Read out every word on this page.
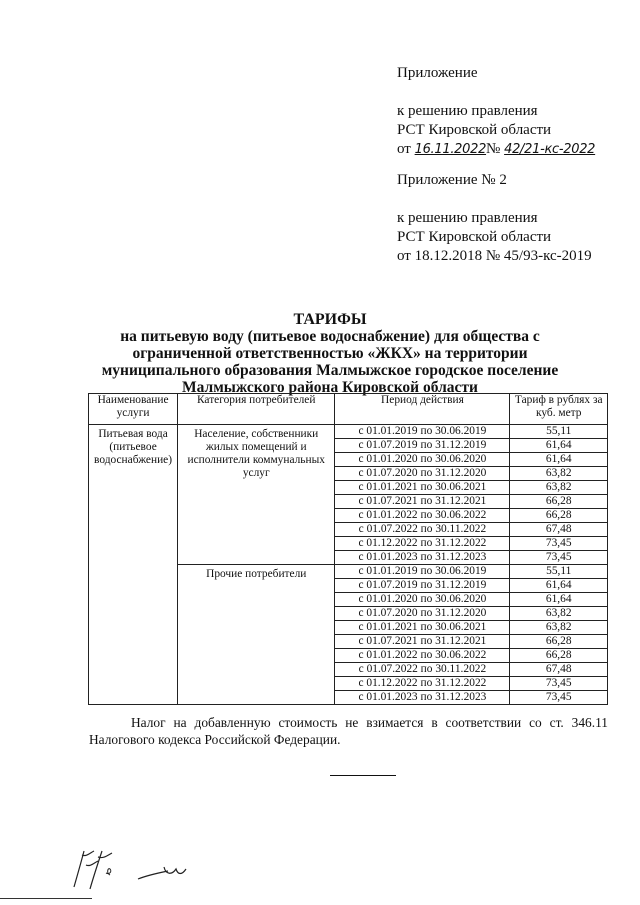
Приложение
к решению правления
РСТ Кировской области
от 16.11.2022№ 42/21-кс-2022
Приложение № 2
к решению правления
РСТ Кировской области
от 18.12.2018 № 45/93-кс-2019
ТАРИФЫ
на питьевую воду (питьевое водоснабжение) для общества с
ограниченной ответственностью «ЖКХ» на территории
муниципального образования Малмыжское городское поселение
Малмыжского района Кировской области
Наименование услуги	Категория потребителей	Период действия	Тариф в рублях за куб. метр
Питьевая вода (питьевое водоснабжение)	Население, собственники жилых помещений и исполнители коммунальных услуг	с 01.01.2019 по 30.06.2019	55,11
		с 01.07.2019 по 31.12.2019	61,64
		с 01.01.2020 по 30.06.2020	61,64
		с 01.07.2020 по 31.12.2020	63,82
		с 01.01.2021 по 30.06.2021	63,82
		с 01.07.2021 по 31.12.2021	66,28
		с 01.01.2022 по 30.06.2022	66,28
		с 01.07.2022 по 30.11.2022	67,48
		с 01.12.2022 по 31.12.2022	73,45
		с 01.01.2023 по 31.12.2023	73,45
	Прочие потребители	с 01.01.2019 по 30.06.2019	55,11
		с 01.07.2019 по 31.12.2019	61,64
		с 01.01.2020 по 30.06.2020	61,64
		с 01.07.2020 по 31.12.2020	63,82
		с 01.01.2021 по 30.06.2021	63,82
		с 01.07.2021 по 31.12.2021	66,28
		с 01.01.2022 по 30.06.2022	66,28
		с 01.07.2022 по 30.11.2022	67,48
		с 01.12.2022 по 31.12.2022	73,45
		с 01.01.2023 по 31.12.2023	73,45
Налог на добавленную стоимость не взимается в соответствии со ст. 346.11
Налогового кодекса Российской Федерации.
